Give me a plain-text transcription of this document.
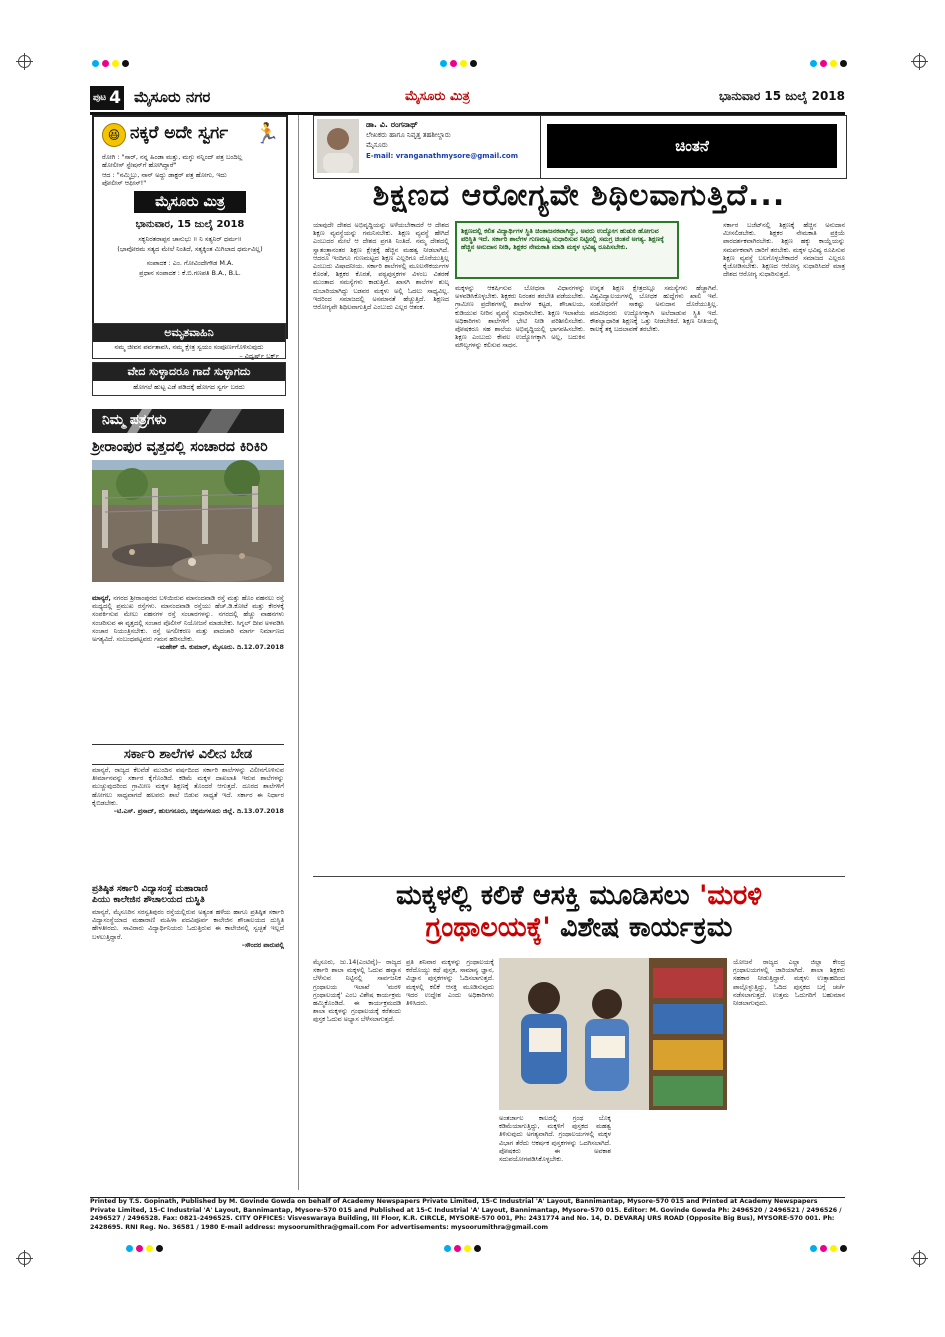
ಪುಟ 4 ಮೈಸೂರು ನಗರ	ಮೈಸೂರು ಮಿತ್ರ	ಭಾನುವಾರ 15 ಜುಲೈ 2018
😆 ನಕ್ಕರೆ ಅದೇ ಸ್ವರ್ಗ 🏃
ರೋಗಿ : "ಸಾರ್, ನನ್ನ ಹಿಂಡಾ ಮತ್ತು, ಮಗ್ಳು ನನ್ನಿಂದ್ ಪತ್ರ ಬಂದಿಲ್ಲ
ಹೋಲೀಸ್ ಸ್ಟೇಷನ್‌ಗೆ ಹೋಗಿದ್ದಾರೆ"
ಆದ : "ನಮ್ಮಿಬ್ರು, ನಾನ್ ಅದ್ದು ಡಾಕ್ಟರ್ ಪತ್ರ ಹೋಗು, ಇದು
ಪೋಲೀಸ್ ಆಫೀಸ್!"
ಮೈಸೂರು ಮಿತ್ರ
ಭಾನುವಾರ, 15 ಜುಲೈ 2018
ಸಕ್ಯನಿರತರಾಪ್ಪನ ಚಾನುಭು ॥ ನಿ ಸತ್ಯನಿರ್ ಧರ್ಮ॥
(ಭಾವೋರಮ ಸತ್ಯದ ಮೇಲೆ ನಿಂತಿದೆ, ಸತ್ಯಕ್ಕಿಂತ ಮಿಗಿಲಾದ ಧರ್ಮವಿಲ್ಲ)
ಸಂಪಾದಕ : ಎಂ. ಗೋವಿಂದೇಗೌಡ M.A.
ಪ್ರಧಾನ ಸಂಪಾದಕ : ಕೆ.ಬಿ.ಗಣಪತಿ B.A., B.L.
ಅಮೃತವಾಹಿನಿ
ನಮ್ಮ ಜೀವನ ಪರ್ವತಾವಸಿ, ನಮ್ಮ ಕ್ಷೇತ್ರ ಸ್ವಯಂ ಸಂಪೂರ್ಣಗೊಳಿಸುವುದು
– ವಿದ್ವರ್ಷ್ ಬರ್ಕ್
ವೇದ ಸುಳ್ಳಾದರೂ ಗಾದೆ ಸುಳ್ಳಾಗದು
ಹೋಗಲೆ ಹುಟ್ಟ ಎಡೆ ಪಡಿದಕ್ಕೆ ಹೋಗದ ಸ್ವರ್ಗ ಬರದು
ನಿಮ್ಮ ಪತ್ರಗಳು
ಶ್ರೀರಾಂಪುರ ವೃತ್ತದಲ್ಲಿ ಸಂಚಾರದ ಕಿರಿಕಿರಿ
ಮಾನ್ಯರೆ, ನಗರದ ಶ್ರೀರಾಂಪುರದ ಬಳಿಯಿರುವ ಮಾನಂದವಾಡಿ ರಸ್ತೆ ಮತ್ತು ಹೊಂ ವಹನಲು ರಸ್ತೆ ಮಧ್ಯದಲ್ಲಿ ಪ್ರಮುಖ ರಸ್ತೆಗಳು. ಮಾನಂದವಾಡಿ ರಸ್ತೆಯು ಹೆಚ್.ಡಿ.ಕೋಟೆ ಮತ್ತು ಕೇರಳಕ್ಕೆ ಸಂಪರ್ಕಿಸುವ ಮೇಲು ವಹನಗಳ ರಸ್ತೆ ಸಂಚಾರಗಳನ್ನು. ನಗರದಲ್ಲಿ ಹೆಚ್ಚು ವಾಹನಗಳು ಸಂಚರಿಸುವ ಈ ವೃತ್ತದಲ್ಲಿ ಸಂಚಾರ ಪೊಲೀಸ್ ನಿಯೋಜನೆ ಮಾಡಬೇಕು. ಸಿಗ್ನಲ್ ದೀಪ ಅಳವಡಿಸಿ ಸಂಚಾರ ನಿಯಂತ್ರಿಸಬೇಕು. ರಸ್ತೆ ಅಗಲೀಕರಣ ಮತ್ತು ಪಾದಚಾರಿ ಮಾರ್ಗ ನಿರ್ಮಾಣದ ಅಗತ್ಯವಿದೆ. ಸಂಬಂಧಪಟ್ಟವರು ಗಮನ ಹರಿಸಬೇಕು.
–ಮಹೇಶ್ ಜಿ. ಕುಮಾರ್, ಮೈಸೂರು. ದಿ.12.07.2018
ಸರ್ಕಾರಿ ಶಾಲೆಗಳ ವಿಲೀನ ಬೇಡ
ಮಾನ್ಯರೆ, ರಾಜ್ಯದ ಕೆಲವೆಡೆ ಮುಂದಿನ ವರ್ಷದಿಂದ ಸರ್ಕಾರಿ ಶಾಲೆಗಳನ್ನು ವಿಲೀನಗೊಳಿಸುವ ತೀರ್ಮಾನವನ್ನು ಸರ್ಕಾರ ಕೈಗೊಂಡಿದೆ. ಕಡಿಮೆ ಮಕ್ಕಳ ದಾಖಲಾತಿ ಇರುವ ಶಾಲೆಗಳನ್ನು ಮುಚ್ಚುವುದರಿಂದ ಗ್ರಾಮೀಣ ಮಕ್ಕಳ ಶಿಕ್ಷಣಕ್ಕೆ ತೊಂದರೆ ಆಗುತ್ತದೆ. ದೂರದ ಶಾಲೆಗಳಿಗೆ ಹೋಗಲು ಸಾಧ್ಯವಾಗದೆ ಹಲವರು ಶಾಲೆ ಬಿಡುವ ಸಾಧ್ಯತೆ ಇದೆ. ಸರ್ಕಾರ ಈ ನಿರ್ಧಾರ ಕೈಬಿಡಬೇಕು.
–ಟಿ.ಎಸ್. ಪ್ರಸಾದ್, ಹುಲಗನೂರು, ಚಿಕ್ಕಮಗಳೂರು ಜಿಲ್ಲೆ. ದಿ.13.07.2018
ಪ್ರತಿಷ್ಠಿತ ಸರ್ಕಾರಿ ವಿದ್ಯಾಸಂಸ್ಥೆ ಮಹಾರಾಣಿ
ಪಿಯು ಕಾಲೇಜಿನ ಶೌಚಾಲಯದ ದುಸ್ಥಿತಿ
ಮಾನ್ಯರೆ, ಮೈಸೂರಿನ ಸರಸ್ವತಿಪುರಂ ರಸ್ತೆಯಲ್ಲಿರುವ ಅತ್ಯಂತ ಹಳೆಯ ಹಾಗೂ ಪ್ರತಿಷ್ಠಿತ ಸರ್ಕಾರಿ ವಿದ್ಯಾಸಂಸ್ಥೆಯಾದ ಮಹಾರಾಣಿ ಮಹಿಳಾ ಪದವಿಪೂರ್ವ ಕಾಲೇಜಿನ ಶೌಚಾಲಯದ ದುಸ್ಥಿತಿ ಹೇಳತೀರದು. ಸಾವಿರಾರು ವಿದ್ಯಾರ್ಥಿನಿಯರು ಓದುತ್ತಿರುವ ಈ ಕಾಲೇಜಿನಲ್ಲಿ ಸ್ವಚ್ಛತೆ ಇಲ್ಲದೆ ಬಳಲುತ್ತಿದ್ದಾರೆ.
–ಸೌಂದರ ಪಾರುಪಲ್ಲಿ
ಡಾ. ವಿ. ರಂಗನಾಥ್
ಲೇಖಕರು ಹಾಗೂ ನಿವೃತ್ತ ತಹಶೀಲ್ದಾರು
ಮೈಸೂರು
E-mail: vranganathmysore@gmail.com
ಚಿಂತನೆ
ಶಿಕ್ಷಣದ ಆರೋಗ್ಯವೇ ಶಿಥಿಲವಾಗುತ್ತಿದೆ...
ಶಿಕ್ಷಣದಲ್ಲಿ ಕಲಿತ ವಿದ್ಯಾರ್ಥಿಗಳ ಸ್ಥಿತಿ ಚಿಂತಾಜನಕವಾಗಿದ್ದು, ಅವರು ಉದ್ಯೋಗ ಹುಡುಕಿ ಹೋಗುವ ಪರಿಸ್ಥಿತಿ ಇದೆ. ಸರ್ಕಾರಿ ಶಾಲೆಗಳ ಗುಣಮಟ್ಟ ಸುಧಾರಿಸುವ ನಿಟ್ಟಿನಲ್ಲಿ ಸಮಗ್ರ ಚಿಂತನೆ ಅಗತ್ಯ. ಶಿಕ್ಷಣಕ್ಕೆ ಹೆಚ್ಚಿನ ಅನುದಾನ ನೀಡಿ, ಶಿಕ್ಷಕರ ನೇಮಕಾತಿ ಮಾಡಿ ಮಕ್ಕಳ ಭವಿಷ್ಯ ರೂಪಿಸಬೇಕು.
ಯಾವುದೇ ದೇಶದ ಅಭಿವೃದ್ಧಿಯನ್ನು ಅಳೆಯಬೇಕಾದರೆ ಆ ದೇಶದ ಶಿಕ್ಷಣ ವ್ಯವಸ್ಥೆಯನ್ನು ಗಮನಿಸಬೇಕು. ಶಿಕ್ಷಣ ವ್ಯವಸ್ಥೆ ಹೇಗಿದೆ ಎಂಬುದರ ಮೇಲೆ ಆ ದೇಶದ ಪ್ರಗತಿ ನಿಂತಿದೆ. ನಮ್ಮ ದೇಶದಲ್ಲಿ ಸ್ವಾತಂತ್ರ್ಯಾನಂತರ ಶಿಕ್ಷಣ ಕ್ಷೇತ್ರಕ್ಕೆ ಹೆಚ್ಚಿನ ಮಹತ್ವ ನೀಡಲಾಗಿದೆ. ಆದರೂ ಇಂದಿಗೂ ಗುಣಮಟ್ಟದ ಶಿಕ್ಷಣ ಎಲ್ಲರಿಗೂ ದೊರೆಯುತ್ತಿಲ್ಲ ಎಂಬುದು ವಿಷಾದನೀಯ. ಸರ್ಕಾರಿ ಶಾಲೆಗಳಲ್ಲಿ ಮೂಲಸೌಕರ್ಯಗಳ ಕೊರತೆ, ಶಿಕ್ಷಕರ ಕೊರತೆ, ಪಠ್ಯಪುಸ್ತಕಗಳ ವಿಳಂಬ ವಿತರಣೆ ಮುಂತಾದ ಸಮಸ್ಯೆಗಳು ಕಾಡುತ್ತಿವೆ. ಖಾಸಗಿ ಶಾಲೆಗಳ ಶುಲ್ಕ ದುಬಾರಿಯಾಗಿದ್ದು ಬಡವರ ಮಕ್ಕಳು ಅಲ್ಲಿ ಓದಲು ಸಾಧ್ಯವಿಲ್ಲ. ಇದರಿಂದ ಸಮಾಜದಲ್ಲಿ ಅಸಮಾನತೆ ಹೆಚ್ಚುತ್ತಿದೆ. ಶಿಕ್ಷಣದ ಆರೋಗ್ಯವೇ ಶಿಥಿಲವಾಗುತ್ತಿದೆ ಎಂಬುದು ಎಲ್ಲರ ಆತಂಕ.
ಮಕ್ಕಳನ್ನು ಆಕರ್ಷಿಸುವ ಬೋಧನಾ ವಿಧಾನಗಳನ್ನು ಅಳವಡಿಸಿಕೊಳ್ಳಬೇಕು. ಶಿಕ್ಷಕರು ನಿರಂತರ ತರಬೇತಿ ಪಡೆಯಬೇಕು. ಗ್ರಾಮೀಣ ಪ್ರದೇಶಗಳಲ್ಲಿ ಶಾಲೆಗಳ ಕಟ್ಟಡ, ಶೌಚಾಲಯ, ಕುಡಿಯುವ ನೀರಿನ ವ್ಯವಸ್ಥೆ ಸುಧಾರಿಸಬೇಕು. ಶಿಕ್ಷಣ ಇಲಾಖೆಯ ಅಧಿಕಾರಿಗಳು ಶಾಲೆಗಳಿಗೆ ಭೇಟಿ ನೀಡಿ ಪರಿಶೀಲಿಸಬೇಕು. ಪೋಷಕರೂ ಸಹ ಶಾಲೆಯ ಅಭಿವೃದ್ಧಿಯಲ್ಲಿ ಭಾಗವಹಿಸಬೇಕು. ಶಿಕ್ಷಣ ಎಂಬುದು ಕೇವಲ ಉದ್ಯೋಗಕ್ಕಾಗಿ ಅಲ್ಲ, ಬದುಕಿನ ಮೌಲ್ಯಗಳನ್ನು ಕಲಿಸುವ ಸಾಧನ.
ಉನ್ನತ ಶಿಕ್ಷಣ ಕ್ಷೇತ್ರದಲ್ಲೂ ಸಮಸ್ಯೆಗಳು ಹೆಚ್ಚಾಗಿವೆ. ವಿಶ್ವವಿದ್ಯಾಲಯಗಳಲ್ಲಿ ಬೋಧಕ ಹುದ್ದೆಗಳು ಖಾಲಿ ಇವೆ. ಸಂಶೋಧನೆಗೆ ಸಾಕಷ್ಟು ಅನುದಾನ ದೊರೆಯುತ್ತಿಲ್ಲ. ಪದವೀಧರರು ಉದ್ಯೋಗಕ್ಕಾಗಿ ಅಲೆದಾಡುವ ಸ್ಥಿತಿ ಇದೆ. ಕೌಶಲ್ಯಾಧಾರಿತ ಶಿಕ್ಷಣಕ್ಕೆ ಒತ್ತು ನೀಡಬೇಕಿದೆ. ಶಿಕ್ಷಣ ನೀತಿಯಲ್ಲಿ ಕಾಲಕ್ಕೆ ತಕ್ಕ ಬದಲಾವಣೆ ತರಬೇಕು.
ಸರ್ಕಾರ ಬಜೆಟ್‌ನಲ್ಲಿ ಶಿಕ್ಷಣಕ್ಕೆ ಹೆಚ್ಚಿನ ಅನುದಾನ ಮೀಸಲಿಡಬೇಕು. ಶಿಕ್ಷಕರ ನೇಮಕಾತಿ ಪ್ರಕ್ರಿಯೆ ಪಾರದರ್ಶಕವಾಗಿರಬೇಕು. ಶಿಕ್ಷಣ ಹಕ್ಕು ಕಾಯ್ದೆಯನ್ನು ಸಮರ್ಪಕವಾಗಿ ಜಾರಿಗೆ ತರಬೇಕು. ಮಕ್ಕಳ ಭವಿಷ್ಯ ರೂಪಿಸುವ ಶಿಕ್ಷಣ ವ್ಯವಸ್ಥೆ ಬಲಗೊಳ್ಳಬೇಕಾದರೆ ಸಮಾಜದ ಎಲ್ಲರೂ ಕೈಜೋಡಿಸಬೇಕು. ಶಿಕ್ಷಣದ ಆರೋಗ್ಯ ಸುಧಾರಿಸಿದರೆ ಮಾತ್ರ ದೇಶದ ಆರೋಗ್ಯ ಸುಧಾರಿಸುತ್ತದೆ.
ಮಕ್ಕಳಲ್ಲಿ ಕಲಿಕೆ ಆಸಕ್ತಿ ಮೂಡಿಸಲು 'ಮರಳಿ
ಗ್ರಂಥಾಲಯಕ್ಕೆ' ವಿಶೇಷ ಕಾರ್ಯಕ್ರಮ
ಮೈಸೂರು, ಜು.14(ಎಂಟಿವೈ)– ರಾಜ್ಯದ ಸರ್ಕಾರಿ ಶಾಲಾ ಮಕ್ಕಳಲ್ಲಿ ಓದುವ ಹವ್ಯಾಸ ಬೆಳೆಸುವ ನಿಟ್ಟಿನಲ್ಲಿ ಸಾರ್ವಜನಿಕ ಗ್ರಂಥಾಲಯ ಇಲಾಖೆ 'ಮರಳಿ ಗ್ರಂಥಾಲಯಕ್ಕೆ' ಎಂಬ ವಿಶೇಷ ಕಾರ್ಯಕ್ರಮ ಹಮ್ಮಿಕೊಂಡಿದೆ. ಈ ಕಾರ್ಯಕ್ರಮದಡಿ ಶಾಲಾ ಮಕ್ಕಳನ್ನು ಗ್ರಂಥಾಲಯಕ್ಕೆ ಕರೆತಂದು ಪುಸ್ತಕ ಓದುವ ಅಭ್ಯಾಸ ಬೆಳೆಸಲಾಗುತ್ತದೆ.
ಪ್ರತಿ ಶನಿವಾರ ಮಕ್ಕಳನ್ನು ಗ್ರಂಥಾಲಯಕ್ಕೆ ಕರೆದೊಯ್ದು ಕಥೆ ಪುಸ್ತಕ, ಸಾಮಾನ್ಯ ಜ್ಞಾನ, ವಿಜ್ಞಾನ ಪುಸ್ತಕಗಳನ್ನು ಓದಿಸಲಾಗುತ್ತದೆ. ಮಕ್ಕಳಲ್ಲಿ ಕಲಿಕೆ ಆಸಕ್ತಿ ಮೂಡಿಸುವುದು ಇದರ ಉದ್ದೇಶ ಎಂದು ಅಧಿಕಾರಿಗಳು ತಿಳಿಸಿದರು.
ಅಂತರ್ಜಾಲ ಕಾಲದಲ್ಲಿ ಗ್ರಂಥ ಬೊಕ್ಕ ಕಡಿಮೆಯಾಗುತ್ತಿದ್ದು, ಮಕ್ಕಳಿಗೆ ಪುಸ್ತಕದ ಮಹತ್ವ ತಿಳಿಸುವುದು ಅಗತ್ಯವಾಗಿದೆ. ಗ್ರಂಥಾಲಯಗಳಲ್ಲಿ ಮಕ್ಕಳ ವಿಭಾಗ ತೆರೆದು ಆಕರ್ಷಕ ಪುಸ್ತಕಗಳನ್ನು ಒದಗಿಸಲಾಗಿದೆ. ಪೋಷಕರು ಈ ಅವಕಾಶ ಸದುಪಯೋಗಪಡಿಸಿಕೊಳ್ಳಬೇಕು.
ಯೋಜನೆ ರಾಜ್ಯದ ಎಲ್ಲಾ ಜಿಲ್ಲಾ ಕೇಂದ್ರ ಗ್ರಂಥಾಲಯಗಳಲ್ಲಿ ಜಾರಿಯಾಗಿದೆ. ಶಾಲಾ ಶಿಕ್ಷಕರು ಸಹಕಾರ ನೀಡುತ್ತಿದ್ದಾರೆ. ಮಕ್ಕಳು ಉತ್ಸಾಹದಿಂದ ಪಾಲ್ಗೊಳ್ಳುತ್ತಿದ್ದು, ಓದಿದ ಪುಸ್ತಕದ ಬಗ್ಗೆ ಚರ್ಚೆ ನಡೆಸಲಾಗುತ್ತದೆ. ಉತ್ತಮ ಓದುಗರಿಗೆ ಬಹುಮಾನ ನೀಡಲಾಗುವುದು.
Printed by T.S. Gopinath, Published by M. Govinde Gowda on behalf of Academy Newspapers Private Limited, 15-C Industrial 'A' Layout, Bannimantap, Mysore-570 015 and Printed at Academy Newspapers Private Limited, 15-C Industrial 'A' Layout, Bannimantap, Mysore-570 015 and Published at 15-C Industrial 'A' Layout, Bannimantap, Mysore-570 015. Editor: M. Govinde Gowda Ph: 2496520 / 2496521 / 2496526 / 2496527 / 2496528. Fax: 0821-2496525. CITY OFFICES: Visveswaraya Building, III Floor, K.R. CIRCLE, MYSORE-570 001, Ph: 2431774 and No. 14, D. DEVARAJ URS ROAD (Opposite Big Bus), MYSORE-570 001. Ph: 2428695. RNI Reg. No. 36581 / 1980 E-mail address: mysoorumithra@gmail.com For advertisements: mysoorumithra@gmail.com
